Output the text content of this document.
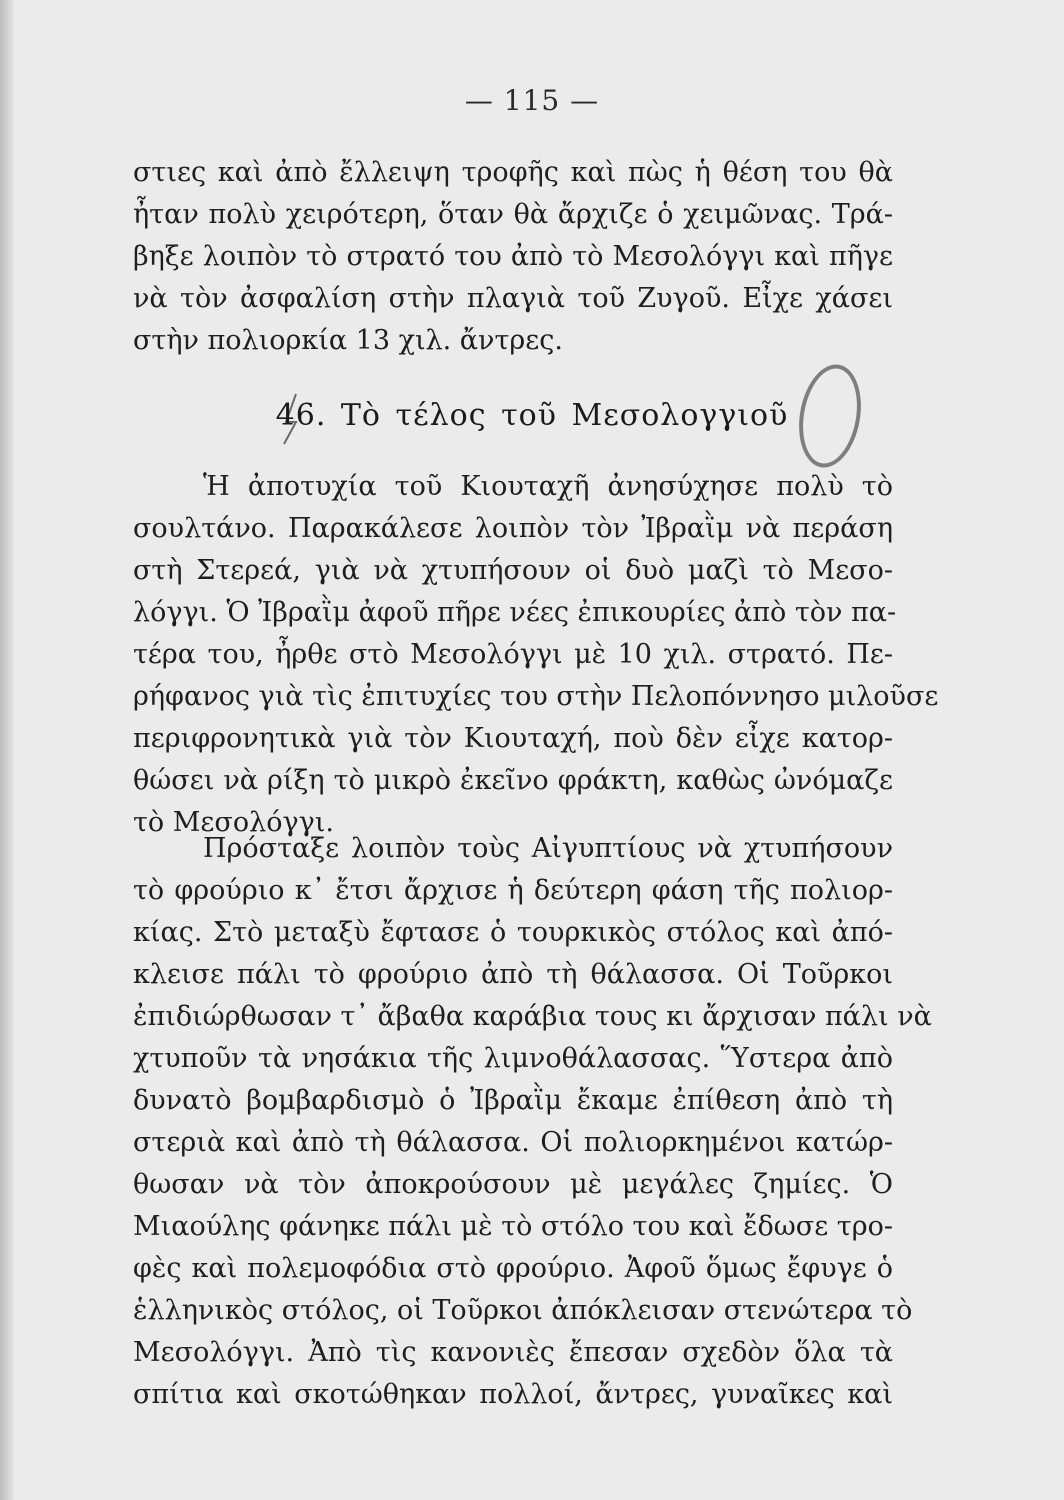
— 115 —
στιες καὶ ἀπὸ ἔλλειψη τροφῆς καὶ πὼς ἡ θέση του θὰ
ἦταν πολὺ χειρότερη, ὅταν θὰ ἄρχιζε ὁ χειμῶνας. Τρά-
βηξε λοιπὸν τὸ στρατό του ἀπὸ τὸ Μεσολόγγι καὶ πῆγε
νὰ τὸν ἀσφαλίση στὴν πλαγιὰ τοῦ Ζυγοῦ. Εἶχε χάσει
στὴν πολιορκία 13 χιλ. ἄντρες.
46. Τὸ τέλος τοῦ Μεσολογγιοῦ
Ἡ ἀποτυχία τοῦ Κιουταχῆ ἀνησύχησε πολὺ τὸ
σουλτάνο. Παρακάλεσε λοιπὸν τὸν Ἰβραῒμ νὰ περάση
στὴ Στερεά, γιὰ νὰ χτυπήσουν οἱ δυὸ μαζὶ τὸ Μεσο-
λόγγι. Ὁ Ἰβραῒμ ἀφοῦ πῆρε νέες ἐπικουρίες ἀπὸ τὸν πα-
τέρα του, ἦρθε στὸ Μεσολόγγι μὲ 10 χιλ. στρατό. Πε-
ρήφανος γιὰ τὶς ἐπιτυχίες του στὴν Πελοπόννησο μιλοῦσε
περιφρονητικὰ γιὰ τὸν Κιουταχή, ποὺ δὲν εἶχε κατορ-
θώσει νὰ ρίξη τὸ μικρὸ ἐκεῖνο φράκτη, καθὼς ὠνόμαζε
τὸ Μεσολόγγι.
Πρόσταξε λοιπὸν τοὺς Αἰγυπτίους νὰ χτυπήσουν
τὸ φρούριο κ᾽ ἔτσι ἄρχισε ἡ δεύτερη φάση τῆς πολιορ-
κίας. Στὸ μεταξὺ ἔφτασε ὁ τουρκικὸς στόλος καὶ ἀπό-
κλεισε πάλι τὸ φρούριο ἀπὸ τὴ θάλασσα. Οἱ Τοῦρκοι
ἐπιδιώρθωσαν τ᾽ ἄβαθα καράβια τους κι ἄρχισαν πάλι νὰ
χτυποῦν τὰ νησάκια τῆς λιμνοθάλασσας. Ὕστερα ἀπὸ
δυνατὸ βομβαρδισμὸ ὁ Ἰβραῒμ ἔκαμε ἐπίθεση ἀπὸ τὴ
στεριὰ καὶ ἀπὸ τὴ θάλασσα. Οἱ πολιορκημένοι κατώρ-
θωσαν νὰ τὸν ἀποκρούσουν μὲ μεγάλες ζημίες. Ὁ
Μιαούλης φάνηκε πάλι μὲ τὸ στόλο του καὶ ἔδωσε τρο-
φὲς καὶ πολεμοφόδια στὸ φρούριο. Ἀφοῦ ὅμως ἔφυγε ὁ
ἑλληνικὸς στόλος, οἱ Τοῦρκοι ἀπόκλεισαν στενώτερα τὸ
Μεσολόγγι. Ἀπὸ τὶς κανονιὲς ἔπεσαν σχεδὸν ὅλα τὰ
σπίτια καὶ σκοτώθηκαν πολλοί, ἄντρες, γυναῖκες καὶ
